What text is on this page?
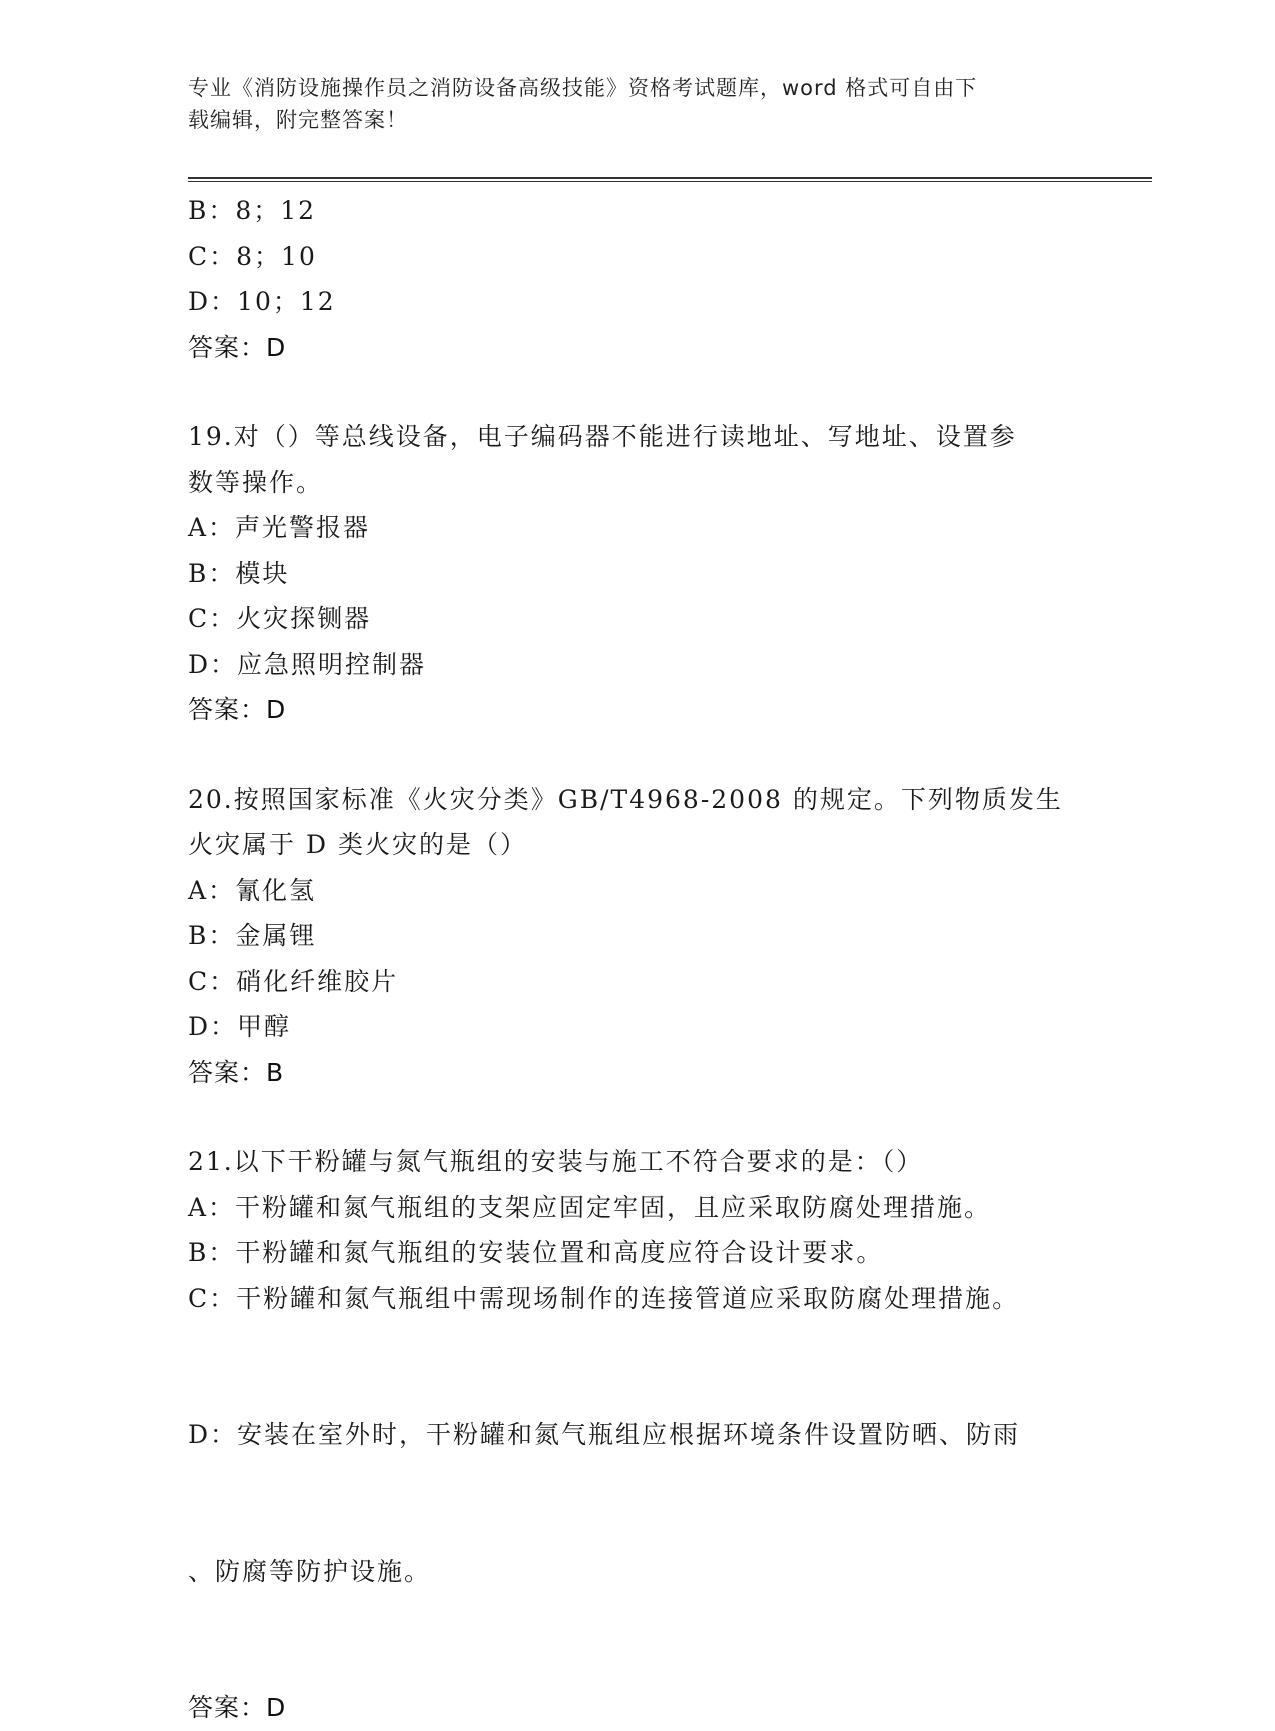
专业《消防设施操作员之消防设备高级技能》资格考试题库，word 格式可自由下
载编辑，附完整答案！
B：8；12
C：8；10
D：10；12
答案：D
19.对（）等总线设备，电子编码器不能进行读地址、写地址、设置参
数等操作。
A：声光警报器
B：模块
C：火灾探铡器
D：应急照明控制器
答案：D
20.按照国家标准《火灾分类》GB/T4968-2008 的规定。下列物质发生
火灾属于 D 类火灾的是（）
A：氰化氢
B：金属锂
C：硝化纤维胶片
D：甲醇
答案：B
21.以下干粉罐与氮气瓶组的安装与施工不符合要求的是：（）
A：干粉罐和氮气瓶组的支架应固定牢固，且应采取防腐处理措施。
B：干粉罐和氮气瓶组的安装位置和高度应符合设计要求。
C：干粉罐和氮气瓶组中需现场制作的连接管道应采取防腐处理措施。

D：安装在室外时，干粉罐和氮气瓶组应根据环境条件设置防晒、防雨

、防腐等防护设施。

答案：D
